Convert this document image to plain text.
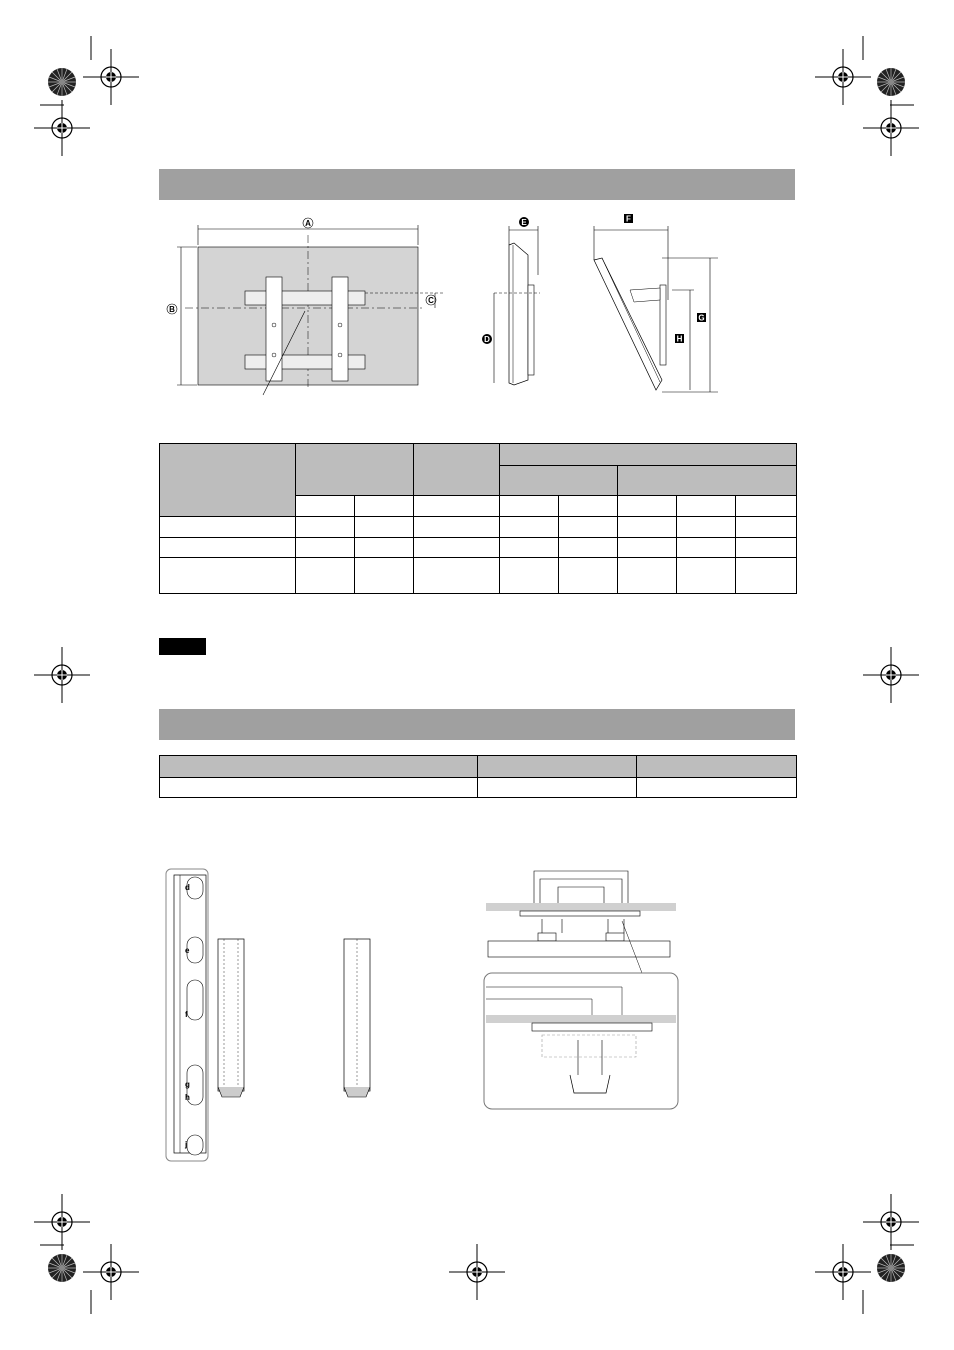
A
B
C
E
D
F
H
G

d
e
f
g
h
j
